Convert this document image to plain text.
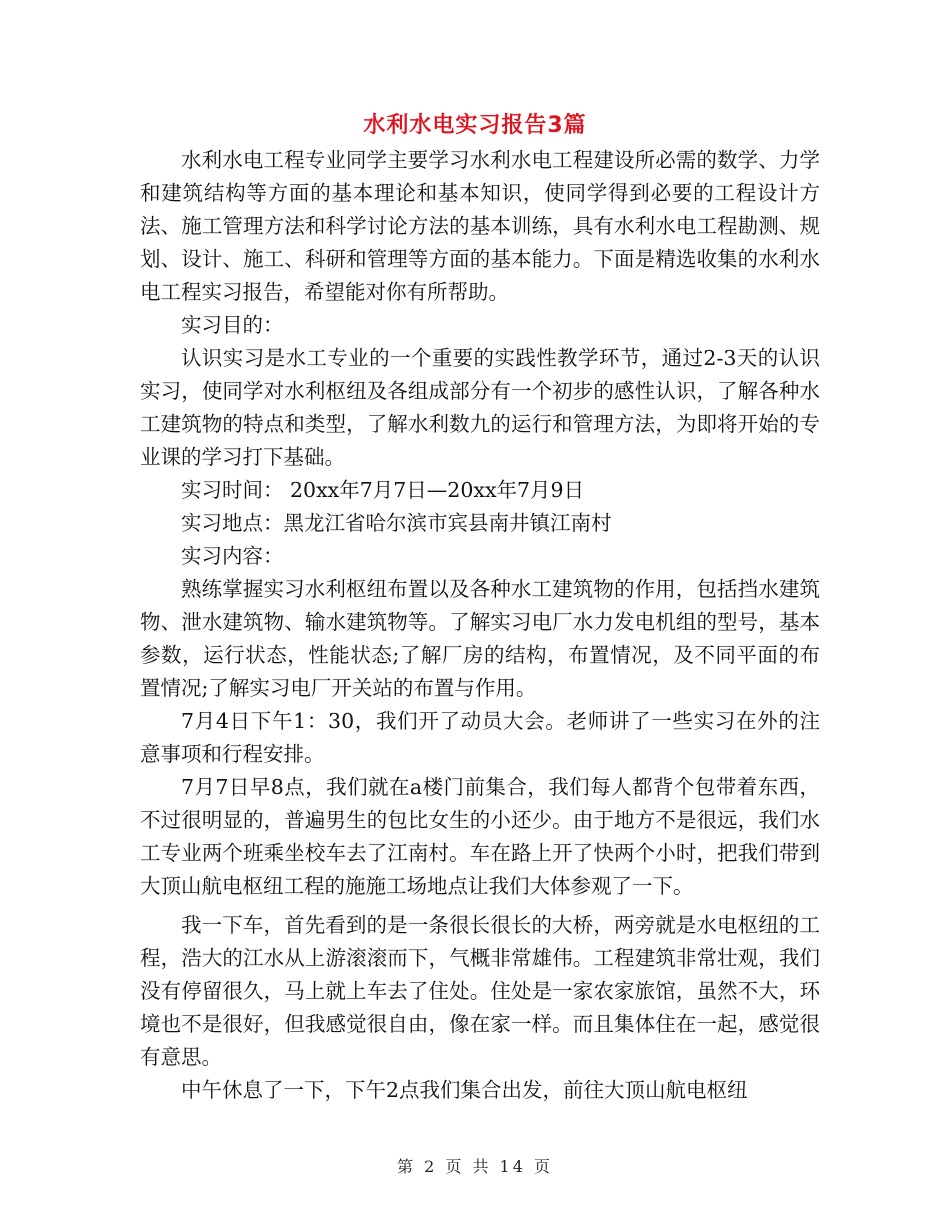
水利水电实习报告3篇

水利水电工程专业同学主要学习水利水电工程建设所必需的数学、力学和建筑结构等方面的基本理论和基本知识，使同学得到必要的工程设计方法、施工管理方法和科学讨论方法的基本训练，具有水利水电工程勘测、规划、设计、施工、科研和管理等方面的基本能力。下面是精选收集的水利水电工程实习报告，希望能对你有所帮助。

实习目的：

认识实习是水工专业的一个重要的实践性教学环节，通过2-3天的认识实习，使同学对水利枢纽及各组成部分有一个初步的感性认识，了解各种水工建筑物的特点和类型，了解水利数九的运行和管理方法，为即将开始的专业课的学习打下基础。

实习时间： 20xx年7月7日—20xx年7月9日

实习地点：黑龙江省哈尔滨市宾县南井镇江南村

实习内容：

熟练掌握实习水利枢纽布置以及各种水工建筑物的作用，包括挡水建筑物、泄水建筑物、输水建筑物等。了解实习电厂水力发电机组的型号，基本参数，运行状态，性能状态;了解厂房的结构，布置情况，及不同平面的布置情况;了解实习电厂开关站的布置与作用。

7月4日下午1：30，我们开了动员大会。老师讲了一些实习在外的注意事项和行程安排。

7月7日早8点，我们就在a楼门前集合，我们每人都背个包带着东西，不过很明显的，普遍男生的包比女生的小还少。由于地方不是很远，我们水工专业两个班乘坐校车去了江南村。车在路上开了快两个小时，把我们带到大顶山航电枢纽工程的施施工场地点让我们大体参观了一下。

我一下车，首先看到的是一条很长很长的大桥，两旁就是水电枢纽的工程，浩大的江水从上游滚滚而下，气概非常雄伟。工程建筑非常壮观，我们没有停留很久，马上就上车去了住处。住处是一家农家旅馆，虽然不大，环境也不是很好，但我感觉很自由，像在家一样。而且集体住在一起，感觉很有意思。

中午休息了一下，下午2点我们集合出发，前往大顶山航电枢纽

第 2 页 共 14 页
